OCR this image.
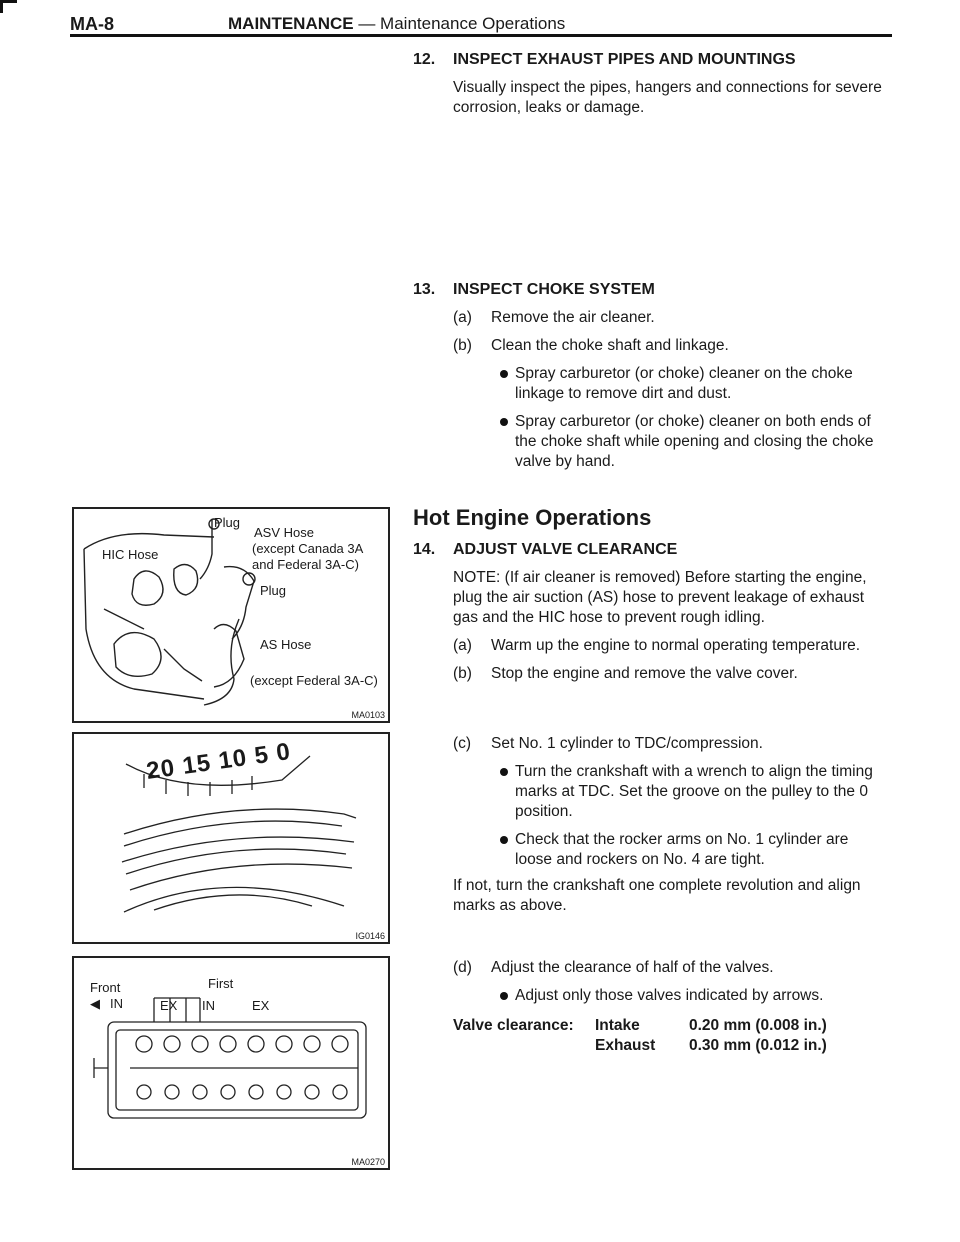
MA-8	MAINTENANCE — Maintenance Operations
12. INSPECT EXHAUST PIPES AND MOUNTINGS
Visually inspect the pipes, hangers and connections for severe corrosion, leaks or damage.
13. INSPECT CHOKE SYSTEM
(a) Remove the air cleaner.
(b) Clean the choke shaft and linkage.
Spray carburetor (or choke) cleaner on the choke linkage to remove dirt and dust.
Spray carburetor (or choke) cleaner on both ends of the choke shaft while opening and closing the choke valve by hand.
Hot Engine Operations
14. ADJUST VALVE CLEARANCE
NOTE: (If air cleaner is removed) Before starting the engine, plug the air suction (AS) hose to prevent leakage of exhaust gas and the HIC hose to prevent rough idling.
(a) Warm up the engine to normal operating temperature.
(b) Stop the engine and remove the valve cover.
(c) Set No. 1 cylinder to TDC/compression.
Turn the crankshaft with a wrench to align the timing marks at TDC. Set the groove on the pulley to the 0 position.
Check that the rocker arms on No. 1 cylinder are loose and rockers on No. 4 are tight.
If not, turn the crankshaft one complete revolution and align marks as above.
(d) Adjust the clearance of half of the valves.
Adjust only those valves indicated by arrows.
Valve clearance: Intake	0.20 mm (0.008 in.)
Exhaust 0.30 mm (0.012 in.)
Plug
ASV Hose
(except Canada 3A
and Federal 3A-C)
HIC Hose
Plug
AS Hose
(except Federal 3A-C)
MA0103
20 15 10 5 0
IG0146
Front
◀ IN
First
EX IN	EX
MA0270
